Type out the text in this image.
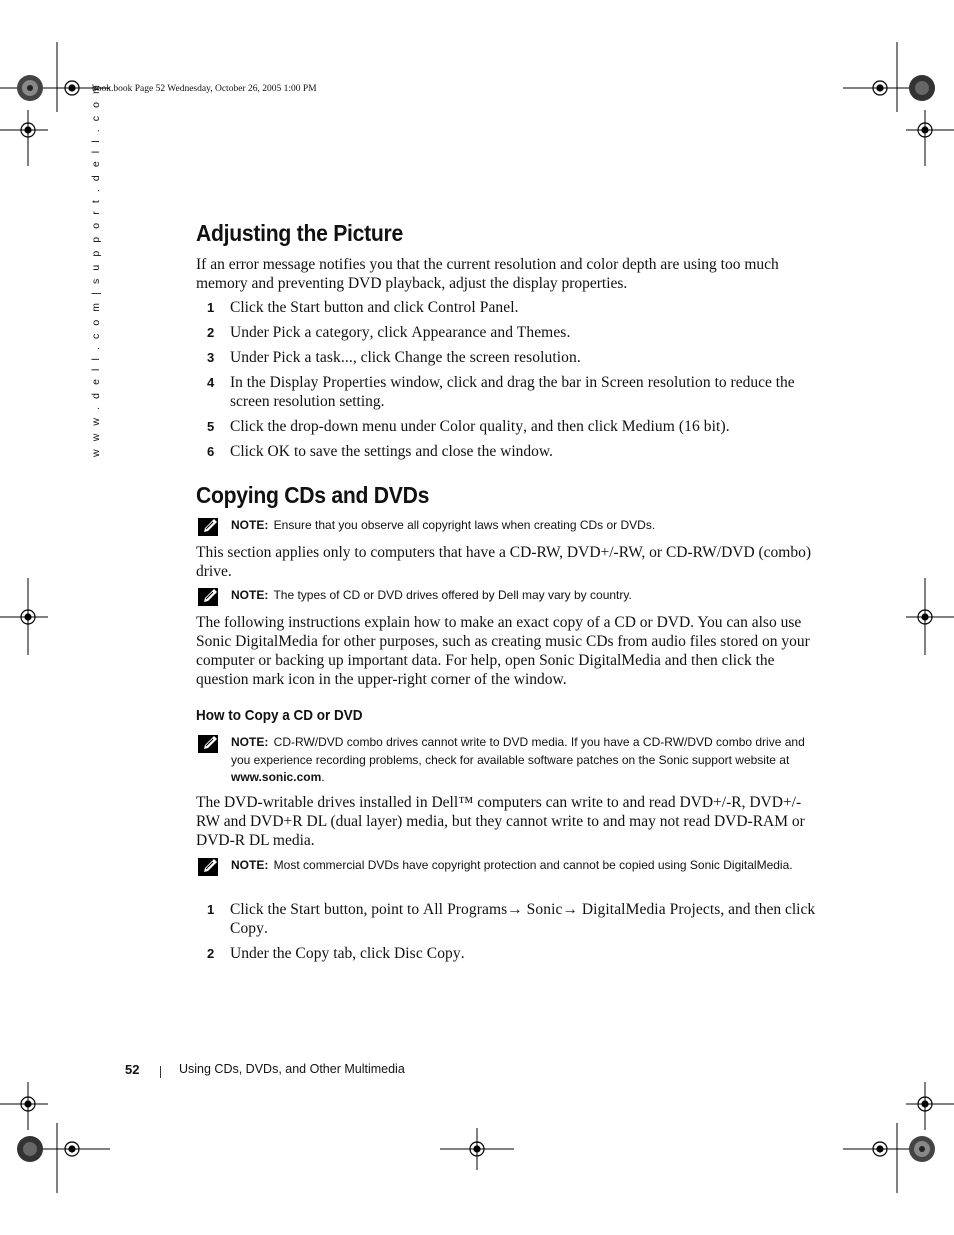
book.book Page 52 Wednesday, October 26, 2005 1:00 PM
w w w . d e l l . c o m | s u p p o r t . d e l l . c o m	Adjusting the Picture

If an error message notifies you that the current resolution and color depth are using too much memory and preventing DVD playback, adjust the display properties.

1	Click the Start button and click Control Panel.
2	Under Pick a category, click Appearance and Themes.
3	Under Pick a task..., click Change the screen resolution.
4	In the Display Properties window, click and drag the bar in Screen resolution to reduce the screen resolution setting.
5	Click the drop-down menu under Color quality, and then click Medium (16 bit).
6	Click OK to save the settings and close the window.
Copying CDs and DVDs
NOTE: Ensure that you observe all copyright laws when creating CDs or DVDs.

This section applies only to computers that have a CD-RW, DVD+/-RW, or CD-RW/DVD (combo) drive.

NOTE: The types of CD or DVD drives offered by Dell may vary by country.

The following instructions explain how to make an exact copy of a CD or DVD. You can also use Sonic DigitalMedia for other purposes, such as creating music CDs from audio files stored on your computer or backing up important data. For help, open Sonic DigitalMedia and then click the question mark icon in the upper-right corner of the window.

How to Copy a CD or DVD
NOTE: CD-RW/DVD combo drives cannot write to DVD media. If you have a CD-RW/DVD combo drive and you experience recording problems, check for available software patches on the Sonic support website at www.sonic.com.

The DVD-writable drives installed in Dell™ computers can write to and read DVD+/-R, DVD+/-RW and DVD+R DL (dual layer) media, but they cannot write to and may not read DVD-RAM or DVD-R DL media.

NOTE: Most commercial DVDs have copyright protection and cannot be copied using Sonic DigitalMedia.
1	Click the Start button, point to All Programs→ Sonic→ DigitalMedia Projects, and then click Copy.
2	Under the Copy tab, click Disc Copy.
52	Using CDs, DVDs, and Other Multimedia
